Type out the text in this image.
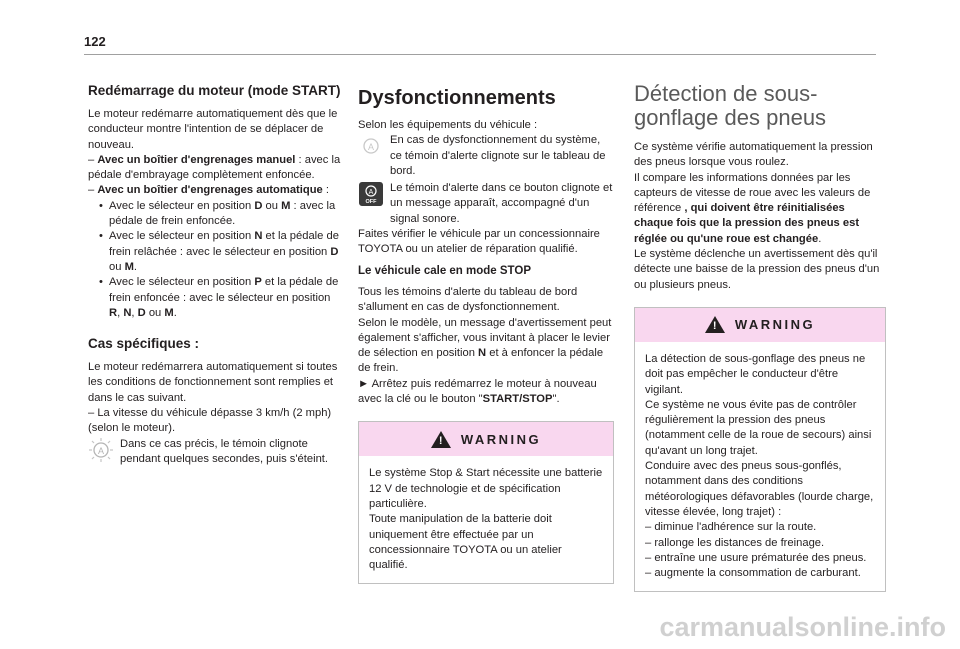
122
Redémarrage du moteur (mode START)

Le moteur redémarre automatiquement dès que le conducteur montre l'intention de se déplacer de nouveau.

– Avec un boîtier d'engrenages manuel : avec la pédale d'embrayage complètement enfoncée.

– Avec un boîtier d'engrenages automatique :

• Avec le sélecteur en position D ou M : avec la pédale de frein enfoncée.
• Avec le sélecteur en position N et la pédale de frein relâchée : avec le sélecteur en position D ou M.
• Avec le sélecteur en position P et la pédale de frein enfoncée : avec le sélecteur en position R, N, D ou M.
Cas spécifiques :

Le moteur redémarrera automatiquement si toutes les conditions de fonctionnement sont remplies et dans le cas suivant.

– La vitesse du véhicule dépasse 3 km/h (2 mph) (selon le moteur).

A

Dans ce cas précis, le témoin clignote pendant quelques secondes, puis s'éteint.

Dysfonctionnements

Selon les équipements du véhicule :

A

En cas de dysfonctionnement du système, ce témoin d'alerte clignote sur le tableau de bord.

A
OFF

Le témoin d'alerte dans ce bouton clignote et un message apparaît, accompagné d'un signal sonore.

Faites vérifier le véhicule par un concessionnaire TOYOTA ou un atelier de réparation qualifié.

Le véhicule cale en mode STOP

Tous les témoins d'alerte du tableau de bord s'allument en cas de dysfonctionnement.

Selon le modèle, un message d'avertissement peut également s'afficher, vous invitant à placer le levier de sélection en position N et à enfoncer la pédale de frein.

► Arrêtez puis redémarrez le moteur à nouveau avec la clé ou le bouton "START/STOP".

! WARNING
Le système Stop & Start nécessite une batterie 12 V de technologie et de spécification particulière.
Toute manipulation de la batterie doit uniquement être effectuée par un concessionnaire TOYOTA ou un atelier qualifié.
Détection de sous-gonflage des pneus

Ce système vérifie automatiquement la pression des pneus lorsque vous roulez.

Il compare les informations données par les capteurs de vitesse de roue avec les valeurs de référence , qui doivent être réinitialisées chaque fois que la pression des pneus est réglée ou qu'une roue est changée.

Le système déclenche un avertissement dès qu'il détecte une baisse de la pression des pneus d'un ou plusieurs pneus.

! WARNING

La détection de sous-gonflage des pneus ne doit pas empêcher le conducteur d'être vigilant.

Ce système ne vous évite pas de contrôler régulièrement la pression des pneus (notamment celle de la roue de secours) ainsi qu'avant un long trajet.

Conduire avec des pneus sous-gonflés, notamment dans des conditions météorologiques défavorables (lourde charge, vitesse élevée, long trajet) :

– diminue l'adhérence sur la route.

– rallonge les distances de freinage.

– entraîne une usure prématurée des pneus.

– augmente la consommation de carburant.

carmanualsonline.info
